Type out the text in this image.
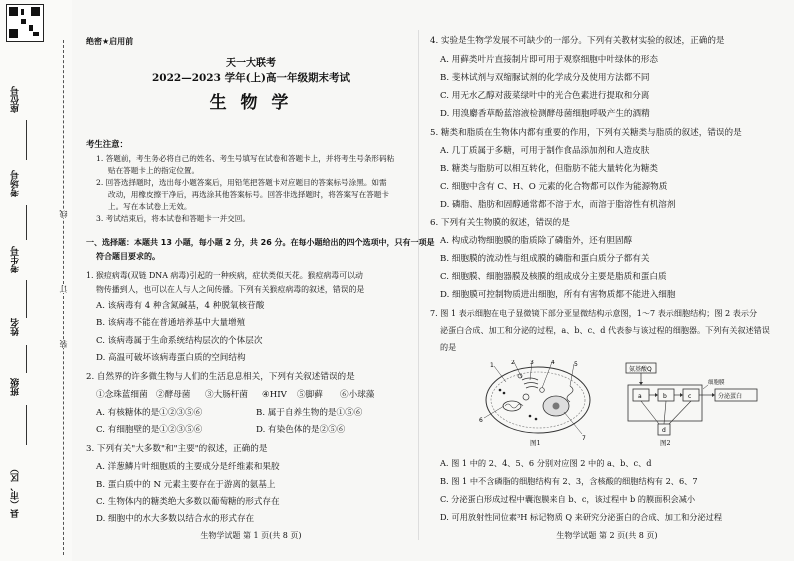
座位号
考场号
考生号
姓名
班级
县（市、区）
线
订
装
绝密★启用前
天一大联考
2022—2023 学年(上)高一年级期末考试
生 物 学
考生注意：
1. 答题前，考生务必将自己的姓名、考生号填写在试卷和答题卡上，并将考生号条形码粘
贴在答题卡上的指定位置。
2. 回答选择题时，选出每小题答案后，用铅笔把答题卡对应题目的答案标号涂黑。如需
改动，用橡皮擦干净后，再选涂其他答案标号。回答非选择题时，将答案写在答题卡
上。写在本试卷上无效。
3. 考试结束后，将本试卷和答题卡一并交回。
一、选择题：本题共 13 小题，每小题 2 分，共 26 分。在每小题给出的四个选项中，只有一项是
符合题目要求的。
1. 猴痘病毒(双链 DNA 病毒)引起的一种疾病，症状类似天花。猴痘病毒可以动
物传播到人，也可以在人与人之间传播。下列有关猴痘病毒的叙述，错误的是
A. 该病毒有 4 种含氮碱基，4 种脱氧核苷酸
B. 该病毒不能在普通培养基中大量增殖
C. 该病毒属于生命系统结构层次的个体层次
D. 高温可破坏该病毒蛋白质的空间结构
2. 自然界的许多微生物与人们的生活息息相关，下列有关叙述错误的是
①念珠蓝细菌 ②酵母菌 ③大肠杆菌 ④HIV ⑤脚藓 ⑥小球藻
A. 有核糖体的是①②③⑤⑥	B. 属于自养生物的是①⑤⑥
C. 有细胞壁的是①②③⑤⑥	D. 有染色体的是②⑤⑥
3. 下列有关"大多数"和"主要"的叙述，正确的是
A. 洋葱鳞片叶细胞质的主要成分是纤维素和果胶
B. 蛋白质中的 N 元素主要存在于游离的氨基上
C. 生物体内的糖类绝大多数以葡萄糖的形式存在
D. 细胞中的水大多数以结合水的形式存在
生物学试题 第 1 页(共 8 页)
4. 实验是生物学发展不可缺少的一部分。下列有关教材实验的叙述，正确的是
A. 用藓类叶片直接制片即可用于观察细胞中叶绿体的形态
B. 斐林试剂与双缩脲试剂的化学成分及使用方法都不同
C. 用无水乙醇对菠菜绿叶中的光合色素进行提取和分离
D. 用溴麝香草酚蓝溶液检测酵母菌细胞呼吸产生的酒精
5. 糖类和脂质在生物体内都有重要的作用，下列有关糖类与脂质的叙述，错误的是
A. 几丁质属于多糖，可用于制作食品添加剂和人造皮肤
B. 糖类与脂肪可以相互转化，但脂肪不能大量转化为糖类
C. 细胞中含有 C、H、O 元素的化合物都可以作为能源物质
D. 磷脂、脂肪和固醇通常都不溶于水，而溶于脂溶性有机溶剂
6. 下列有关生物膜的叙述，错误的是
A. 构成动物细胞膜的脂质除了磷脂外，还有胆固醇
B. 细胞膜的流动性与组成膜的磷脂和蛋白质分子都有关
C. 细胞膜、细胞器膜及核膜的组成成分主要是脂质和蛋白质
D. 细胞膜可控制物质进出细胞，所有有害物质都不能进入细胞
7. 图 1 表示细胞在电子显微镜下部分亚显微结构示意图，1～7 表示细胞结构；图 2 表示分
泌蛋白合成、加工和分泌的过程，a、b、c、d 代表参与该过程的细胞器。下列有关叙述错误
的是
1	2	3	4	5
6
7
图1
氨基酸Q
a	b	c	分泌蛋白
细胞膜
d
图2
A. 图 1 中的 2、4、5、6 分别对应图 2 中的 a、b、c、d
B. 图 1 中不含磷脂的细胞结构有 2、3，含核酸的细胞结构有 2、6、7
C. 分泌蛋白形成过程中囊泡膜来自 b、c，该过程中 b 的膜面积会减小
D. 可用放射性同位素³H 标记物质 Q 来研究分泌蛋白的合成、加工和分泌过程
生物学试题 第 2 页(共 8 页)
